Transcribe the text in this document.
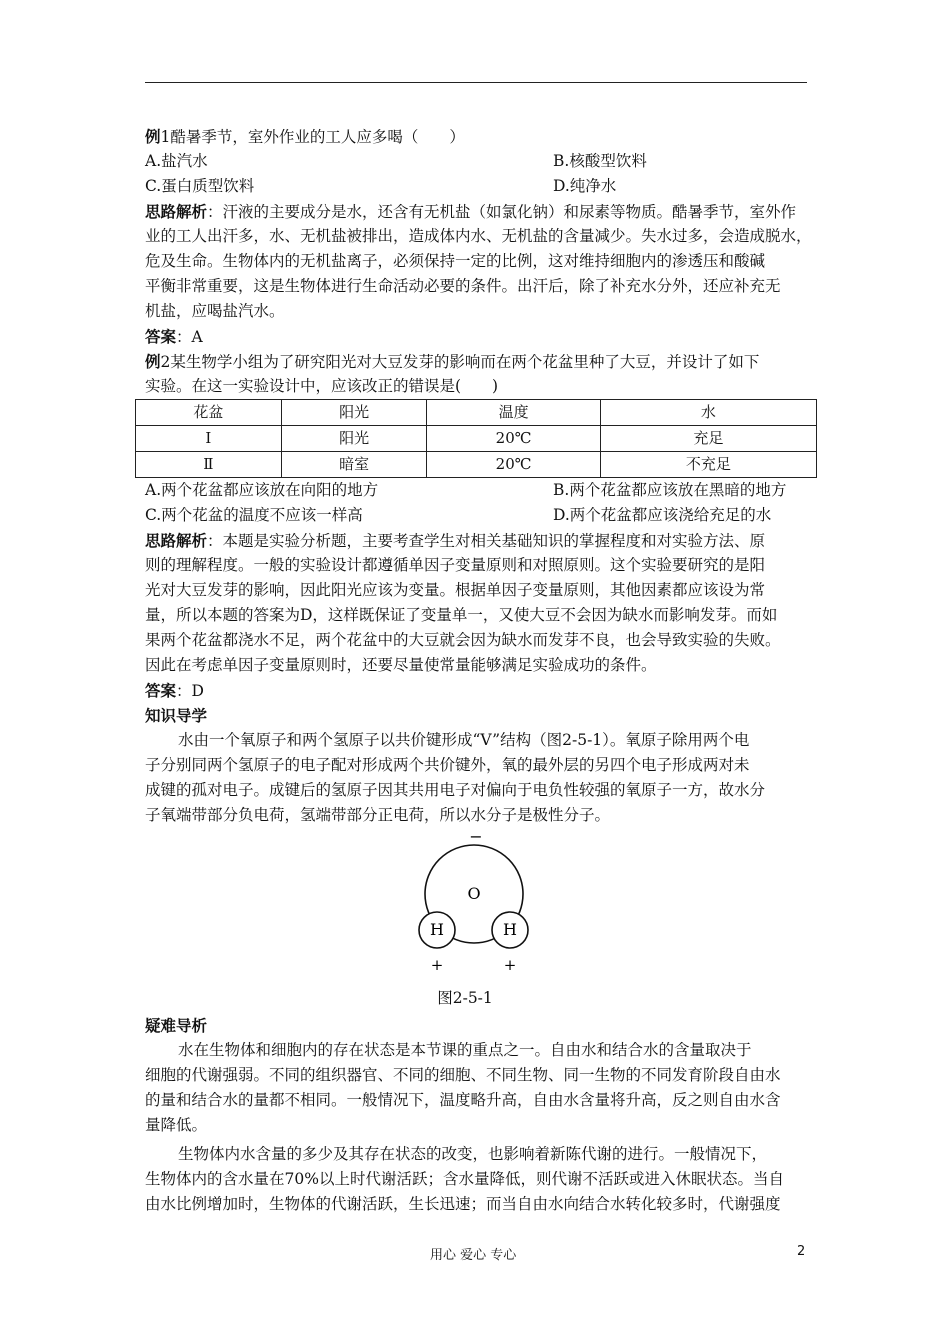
例1酷暑季节，室外作业的工人应多喝（　　）
A.盐汽水	B.核酸型饮料
C.蛋白质型饮料	D.纯净水
思路解析：汗液的主要成分是水，还含有无机盐（如氯化钠）和尿素等物质。酷暑季节，室外作
业的工人出汗多，水、无机盐被排出，造成体内水、无机盐的含量减少。失水过多，会造成脱水，
危及生命。生物体内的无机盐离子，必须保持一定的比例，这对维持细胞内的渗透压和酸碱
平衡非常重要，这是生物体进行生命活动必要的条件。出汗后，除了补充水分外，还应补充无
机盐，应喝盐汽水。
答案：A
例2某生物学小组为了研究阳光对大豆发芽的影响而在两个花盆里种了大豆，并设计了如下
实验。在这一实验设计中，应该改正的错误是(　　)
花盆	阳光	温度	水
Ⅰ	阳光	20℃	充足
Ⅱ	暗室	20℃	不充足
A.两个花盆都应该放在向阳的地方	B.两个花盆都应该放在黑暗的地方
C.两个花盆的温度不应该一样高	D.两个花盆都应该浇给充足的水
思路解析：本题是实验分析题，主要考查学生对相关基础知识的掌握程度和对实验方法、原
则的理解程度。一般的实验设计都遵循单因子变量原则和对照原则。这个实验要研究的是阳
光对大豆发芽的影响，因此阳光应该为变量。根据单因子变量原则，其他因素都应该设为常
量，所以本题的答案为D，这样既保证了变量单一，又使大豆不会因为缺水而影响发芽。而如
果两个花盆都浇水不足，两个花盆中的大豆就会因为缺水而发芽不良，也会导致实验的失败。
因此在考虑单因子变量原则时，还要尽量使常量能够满足实验成功的条件。
答案：D
知识导学
水由一个氧原子和两个氢原子以共价键形成“V”结构（图2-5-1）。氧原子除用两个电
子分别同两个氢原子的电子配对形成两个共价键外，氧的最外层的另四个电子形成两对未
成键的孤对电子。成键后的氢原子因其共用电子对偏向于电负性较强的氧原子一方，故水分
子氧端带部分负电荷，氢端带部分正电荷，所以水分子是极性分子。
−
O
H	H
+	+
图2-5-1
疑难导析
水在生物体和细胞内的存在状态是本节课的重点之一。自由水和结合水的含量取决于
细胞的代谢强弱。不同的组织器官、不同的细胞、不同生物、同一生物的不同发育阶段自由水
的量和结合水的量都不相同。一般情况下，温度略升高，自由水含量将升高，反之则自由水含
量降低。
生物体内水含量的多少及其存在状态的改变，也影响着新陈代谢的进行。一般情况下，
生物体内的含水量在70%以上时代谢活跃；含水量降低，则代谢不活跃或进入休眠状态。当自
由水比例增加时，生物体的代谢活跃，生长迅速；而当自由水向结合水转化较多时，代谢强度
用心 爱心 专心	2
